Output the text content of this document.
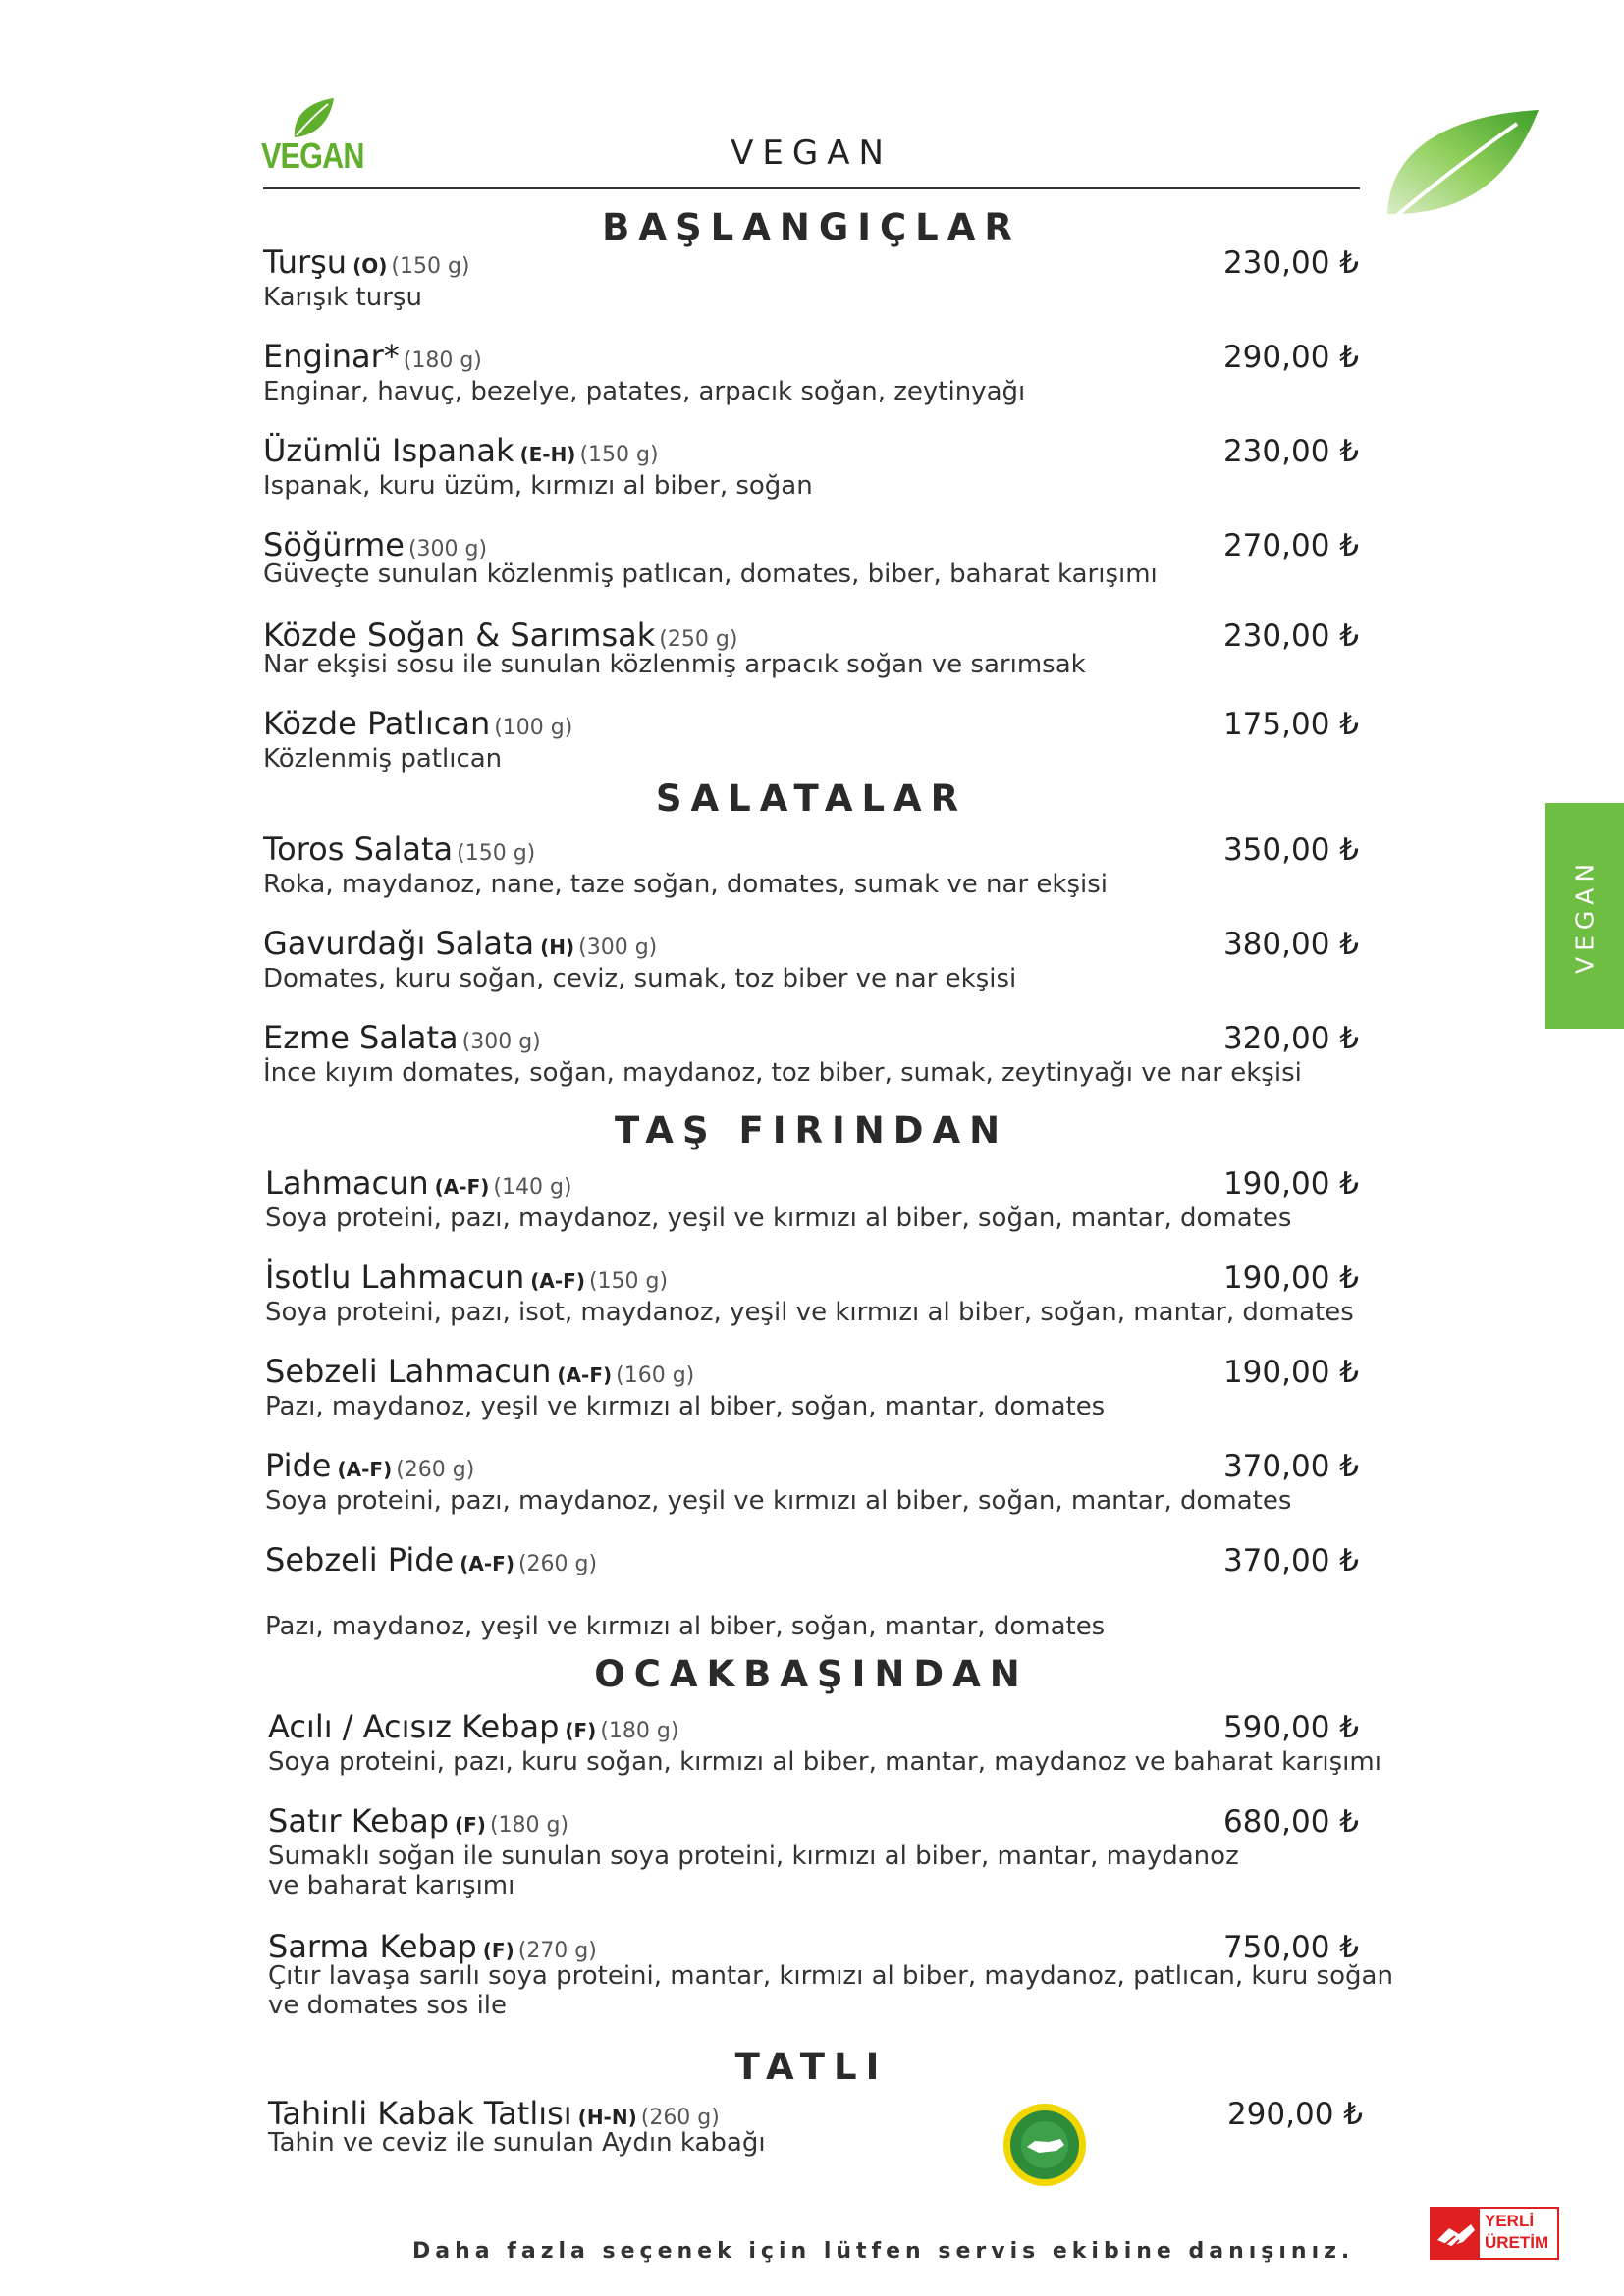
VEGAN	VEGAN
VEGAN
BAŞLANGIÇLAR
Turşu (O) (150 g)	230,00 ₺
Karışık turşu
Enginar* (180 g)	290,00 ₺
Enginar, havuç, bezelye, patates, arpacık soğan, zeytinyağı
Üzümlü Ispanak (E-H) (150 g)	230,00 ₺
Ispanak, kuru üzüm, kırmızı al biber, soğan
Söğürme (300 g)	270,00 ₺
Güveçte sunulan közlenmiş patlıcan, domates, biber, baharat karışımı
Közde Soğan & Sarımsak (250 g)	230,00 ₺
Nar ekşisi sosu ile sunulan közlenmiş arpacık soğan ve sarımsak
Közde Patlıcan (100 g)	175,00 ₺
Közlenmiş patlıcan
SALATALAR
Toros Salata (150 g)	350,00 ₺
Roka, maydanoz, nane, taze soğan, domates, sumak ve nar ekşisi
Gavurdağı Salata (H) (300 g)	380,00 ₺
Domates, kuru soğan, ceviz, sumak, toz biber ve nar ekşisi
Ezme Salata (300 g)	320,00 ₺
İnce kıyım domates, soğan, maydanoz, toz biber, sumak, zeytinyağı ve nar ekşisi
TAŞ FIRINDAN
Lahmacun (A-F) (140 g)	190,00 ₺
Soya proteini, pazı, maydanoz, yeşil ve kırmızı al biber, soğan, mantar, domates
İsotlu Lahmacun (A-F) (150 g)	190,00 ₺
Soya proteini, pazı, isot, maydanoz, yeşil ve kırmızı al biber, soğan, mantar, domates
Sebzeli Lahmacun (A-F) (160 g)	190,00 ₺
Pazı, maydanoz, yeşil ve kırmızı al biber, soğan, mantar, domates
Pide (A-F) (260 g)	370,00 ₺
Soya proteini, pazı, maydanoz, yeşil ve kırmızı al biber, soğan, mantar, domates
Sebzeli Pide (A-F) (260 g)	370,00 ₺
Pazı, maydanoz, yeşil ve kırmızı al biber, soğan, mantar, domates
OCAKBAŞINDAN
Acılı / Acısız Kebap (F) (180 g)	590,00 ₺
Soya proteini, pazı, kuru soğan, kırmızı al biber, mantar, maydanoz ve baharat karışımı
Satır Kebap (F) (180 g)	680,00 ₺
Sumaklı soğan ile sunulan soya proteini, kırmızı al biber, mantar, maydanoz
ve baharat karışımı
Sarma Kebap (F) (270 g)	750,00 ₺
Çıtır lavaşa sarılı soya proteini, mantar, kırmızı al biber, maydanoz, patlıcan, kuru soğan
ve domates sos ile
TATLI
Tahinli Kabak Tatlısı (H-N) (260 g)	290,00 ₺
Tahin ve ceviz ile sunulan Aydın kabağı
Daha fazla seçenek için lütfen servis ekibine danışınız.
YERLİ
ÜRETİM
